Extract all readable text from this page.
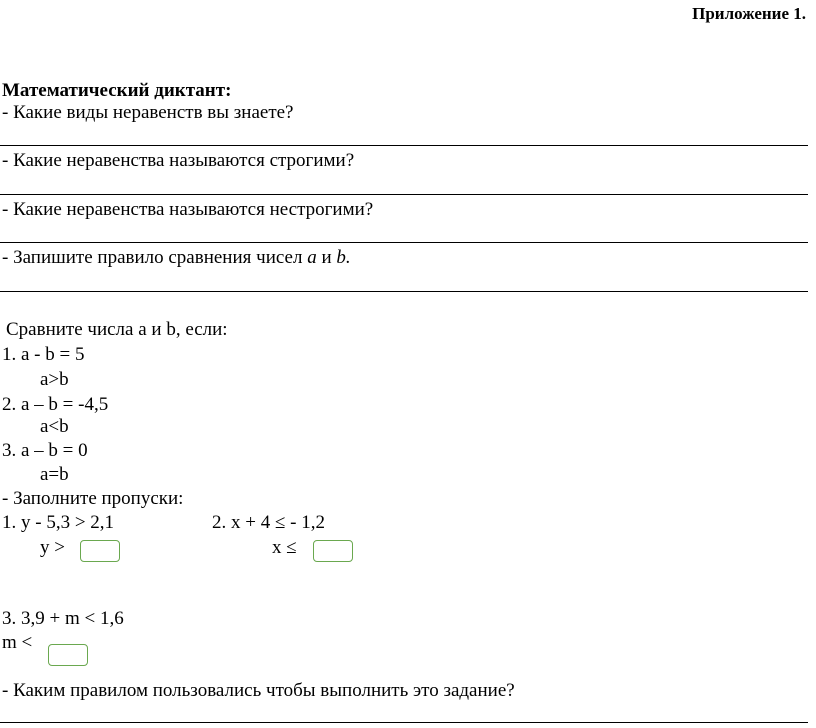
Приложение 1.
Математический диктант:
- Какие виды неравенств вы знаете?
- Какие неравенства называются строгими?
- Какие неравенства называются нестрогими?
- Запишите правило сравнения чисел a и b.
Сравните числа a и b, если:
1. a - b = 5
a>b
2. a – b = -4,5
a<b
3. a – b = 0
a=b
- Заполните пропуски:
1. y - 5,3 > 2,1	2. x + 4 ≤ - 1,2
y >	x ≤
3. 3,9 + m < 1,6
m <
- Каким правилом пользовались чтобы выполнить это задание?
